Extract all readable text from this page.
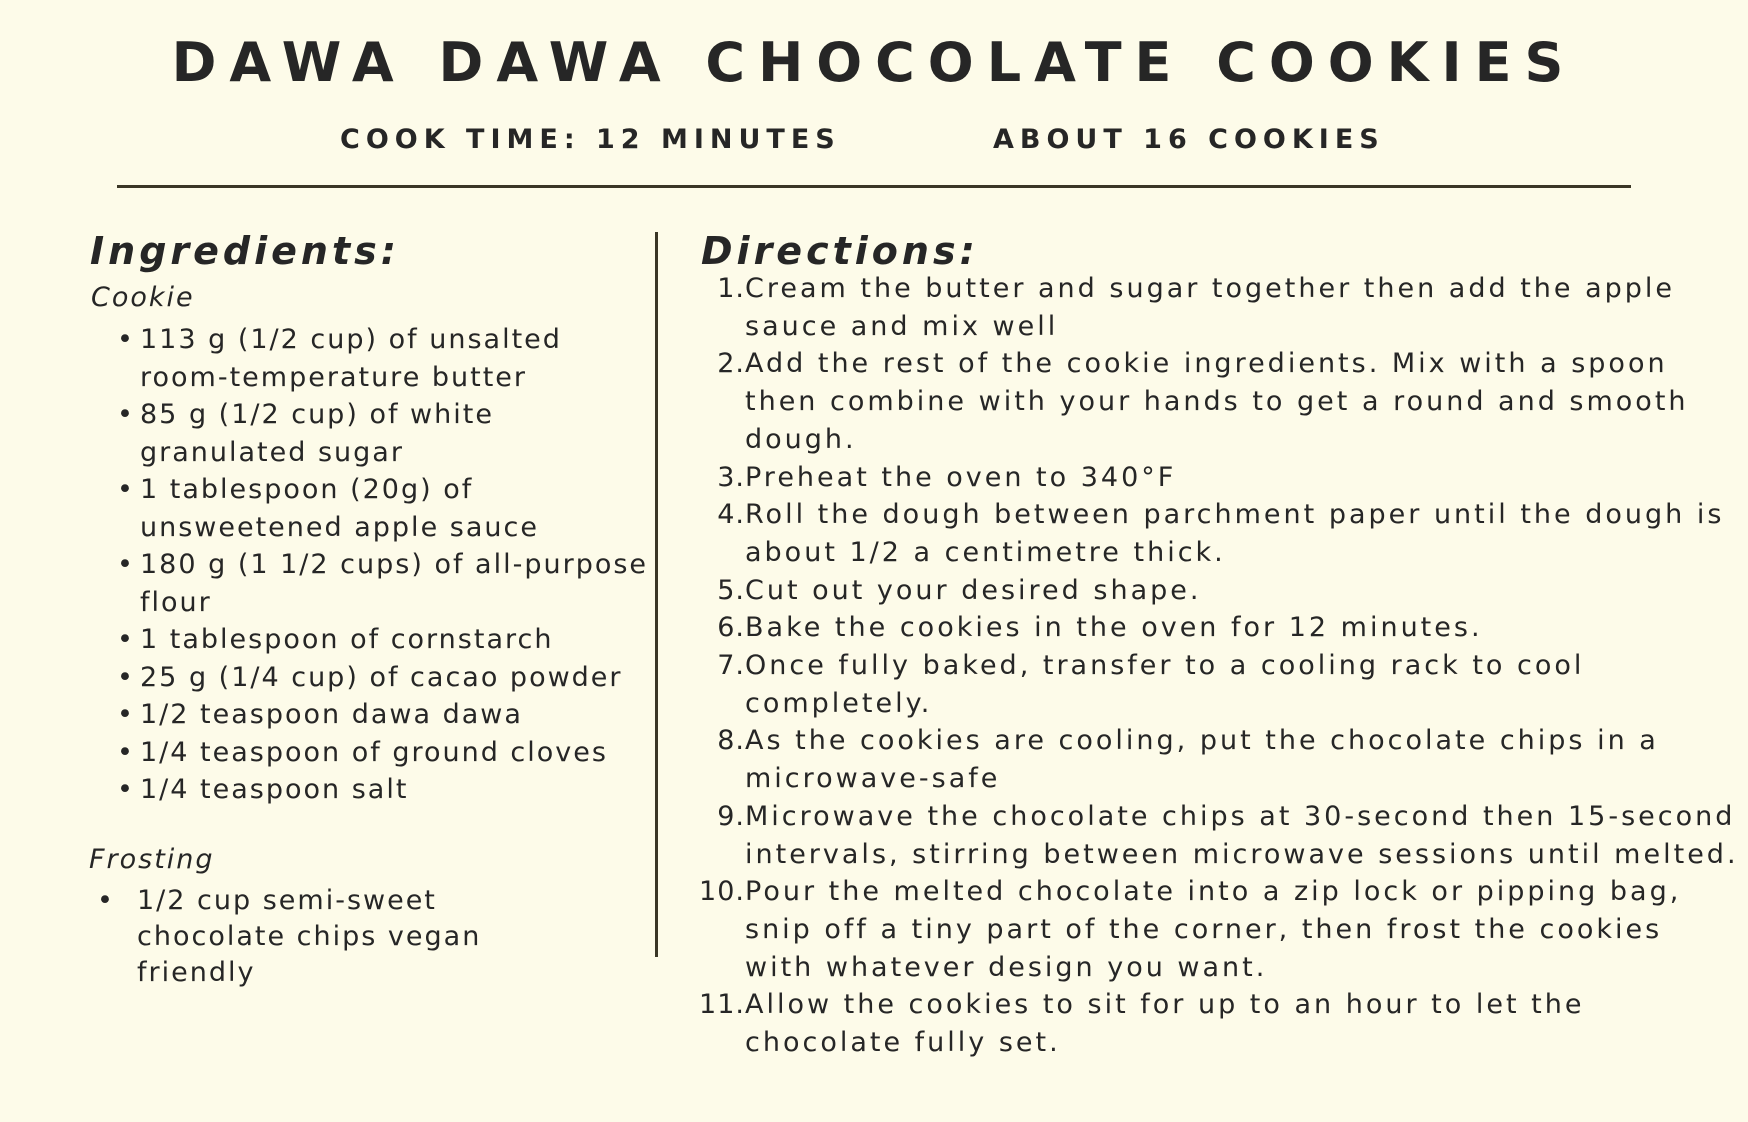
DAWA DAWA CHOCOLATE COOKIES
COOK TIME: 12 MINUTES	ABOUT 16 COOKIES
Ingredients:
Cookie
• 113 g (1/2 cup) of unsalted room-temperature butter
• 85 g (1/2 cup) of white granulated sugar
• 1 tablespoon (20g) of unsweetened apple sauce
• 180 g (1 1/2 cups) of all-purpose flour
• 1 tablespoon of cornstarch
• 25 g (1/4 cup) of cacao powder
• 1/2 teaspoon dawa dawa
• 1/4 teaspoon of ground cloves
• 1/4 teaspoon salt
Frosting
• 1/2 cup semi-sweet chocolate chips vegan friendly
Directions:
1. Cream the butter and sugar together then add the apple sauce and mix well
2. Add the rest of the cookie ingredients. Mix with a spoon then combine with your hands to get a round and smooth dough.
3. Preheat the oven to 340°F
4. Roll the dough between parchment paper until the dough is about 1/2 a centimetre thick.
5. Cut out your desired shape.
6. Bake the cookies in the oven for 12 minutes.
7. Once fully baked, transfer to a cooling rack to cool completely.
8. As the cookies are cooling, put the chocolate chips in a microwave-safe
9. Microwave the chocolate chips at 30-second then 15-second intervals, stirring between microwave sessions until melted.
10. Pour the melted chocolate into a zip lock or pipping bag, snip off a tiny part of the corner, then frost the cookies with whatever design you want.
11. Allow the cookies to sit for up to an hour to let the chocolate fully set.
